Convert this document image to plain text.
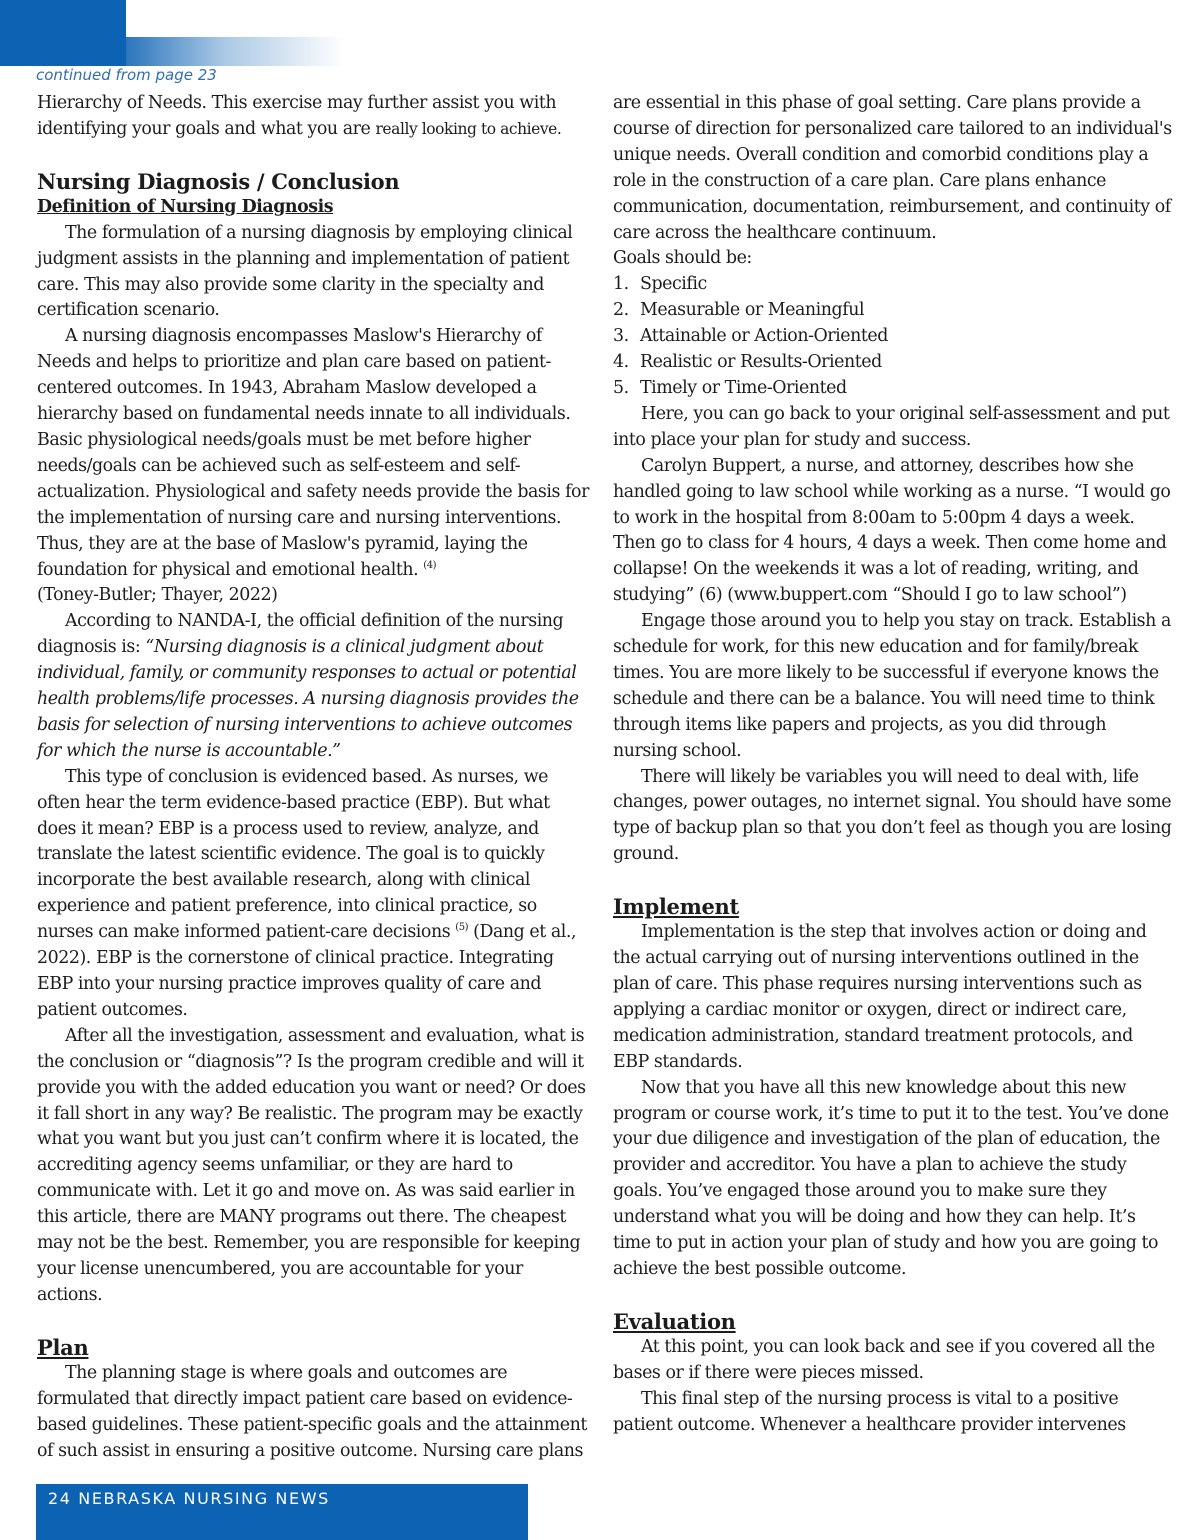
continued from page 23

Hierarchy of Needs. This exercise may further assist you with identifying your goals and what you are really looking to achieve.

Nursing Diagnosis / Conclusion

Definition of Nursing Diagnosis

The formulation of a nursing diagnosis by employing clinical judgment assists in the planning and implementation of patient care. This may also provide some clarity in the specialty and certification scenario.

A nursing diagnosis encompasses Maslow's Hierarchy of Needs and helps to prioritize and plan care based on patient-centered outcomes. In 1943, Abraham Maslow developed a hierarchy based on fundamental needs innate to all individuals. Basic physiological needs/goals must be met before higher needs/goals can be achieved such as self-esteem and self-actualization. Physiological and safety needs provide the basis for the implementation of nursing care and nursing interventions. Thus, they are at the base of Maslow's pyramid, laying the foundation for physical and emotional health. $^{(4)}$
(Toney-Butler; Thayer, 2022)

According to NANDA-I, the official definition of the nursing diagnosis is: “Nursing diagnosis is a clinical judgment about individual, family, or community responses to actual or potential health problems/life processes. A nursing diagnosis provides the basis for selection of nursing interventions to achieve outcomes for which the nurse is accountable.”

This type of conclusion is evidenced based. As nurses, we often hear the term evidence-based practice (EBP). But what does it mean? EBP is a process used to review, analyze, and translate the latest scientific evidence. The goal is to quickly incorporate the best available research, along with clinical experience and patient preference, into clinical practice, so nurses can make informed patient-care decisions $^{(5)}$ (Dang et al., 2022). EBP is the cornerstone of clinical practice. Integrating EBP into your nursing practice improves quality of care and patient outcomes.

After all the investigation, assessment and evaluation, what is the conclusion or “diagnosis”? Is the program credible and will it provide you with the added education you want or need? Or does it fall short in any way? Be realistic. The program may be exactly what you want but you just can’t confirm where it is located, the accrediting agency seems unfamiliar, or they are hard to communicate with. Let it go and move on. As was said earlier in this article, there are MANY programs out there. The cheapest may not be the best. Remember, you are responsible for keeping your license unencumbered, you are accountable for your actions.

Plan

The planning stage is where goals and outcomes are formulated that directly impact patient care based on evidence-based guidelines. These patient-specific goals and the attainment of such assist in ensuring a positive outcome. Nursing care plans

are essential in this phase of goal setting. Care plans provide a course of direction for personalized care tailored to an individual's unique needs. Overall condition and comorbid conditions play a role in the construction of a care plan. Care plans enhance communication, documentation, reimbursement, and continuity of care across the healthcare continuum.

Goals should be:

1. Specific
2. Measurable or Meaningful
3. Attainable or Action-Oriented
4. Realistic or Results-Oriented
5. Timely or Time-Oriented

Here, you can go back to your original self-assessment and put into place your plan for study and success.

Carolyn Buppert, a nurse, and attorney, describes how she handled going to law school while working as a nurse. “I would go to work in the hospital from 8:00am to 5:00pm 4 days a week. Then go to class for 4 hours, 4 days a week. Then come home and collapse! On the weekends it was a lot of reading, writing, and studying” (6) (www.buppert.com “Should I go to law school”)

Engage those around you to help you stay on track. Establish a schedule for work, for this new education and for family/break times. You are more likely to be successful if everyone knows the schedule and there can be a balance. You will need time to think through items like papers and projects, as you did through nursing school.

There will likely be variables you will need to deal with, life changes, power outages, no internet signal. You should have some type of backup plan so that you don’t feel as though you are losing ground.

Implement

Implementation is the step that involves action or doing and the actual carrying out of nursing interventions outlined in the plan of care. This phase requires nursing interventions such as applying a cardiac monitor or oxygen, direct or indirect care, medication administration, standard treatment protocols, and EBP standards.

Now that you have all this new knowledge about this new program or course work, it’s time to put it to the test. You’ve done your due diligence and investigation of the plan of education, the provider and accreditor. You have a plan to achieve the study goals. You’ve engaged those around you to make sure they understand what you will be doing and how they can help. It’s time to put in action your plan of study and how you are going to achieve the best possible outcome.

Evaluation

At this point, you can look back and see if you covered all the bases or if there were pieces missed.

This final step of the nursing process is vital to a positive patient outcome. Whenever a healthcare provider intervenes

24 NEBRASKA NURSING NEWS
